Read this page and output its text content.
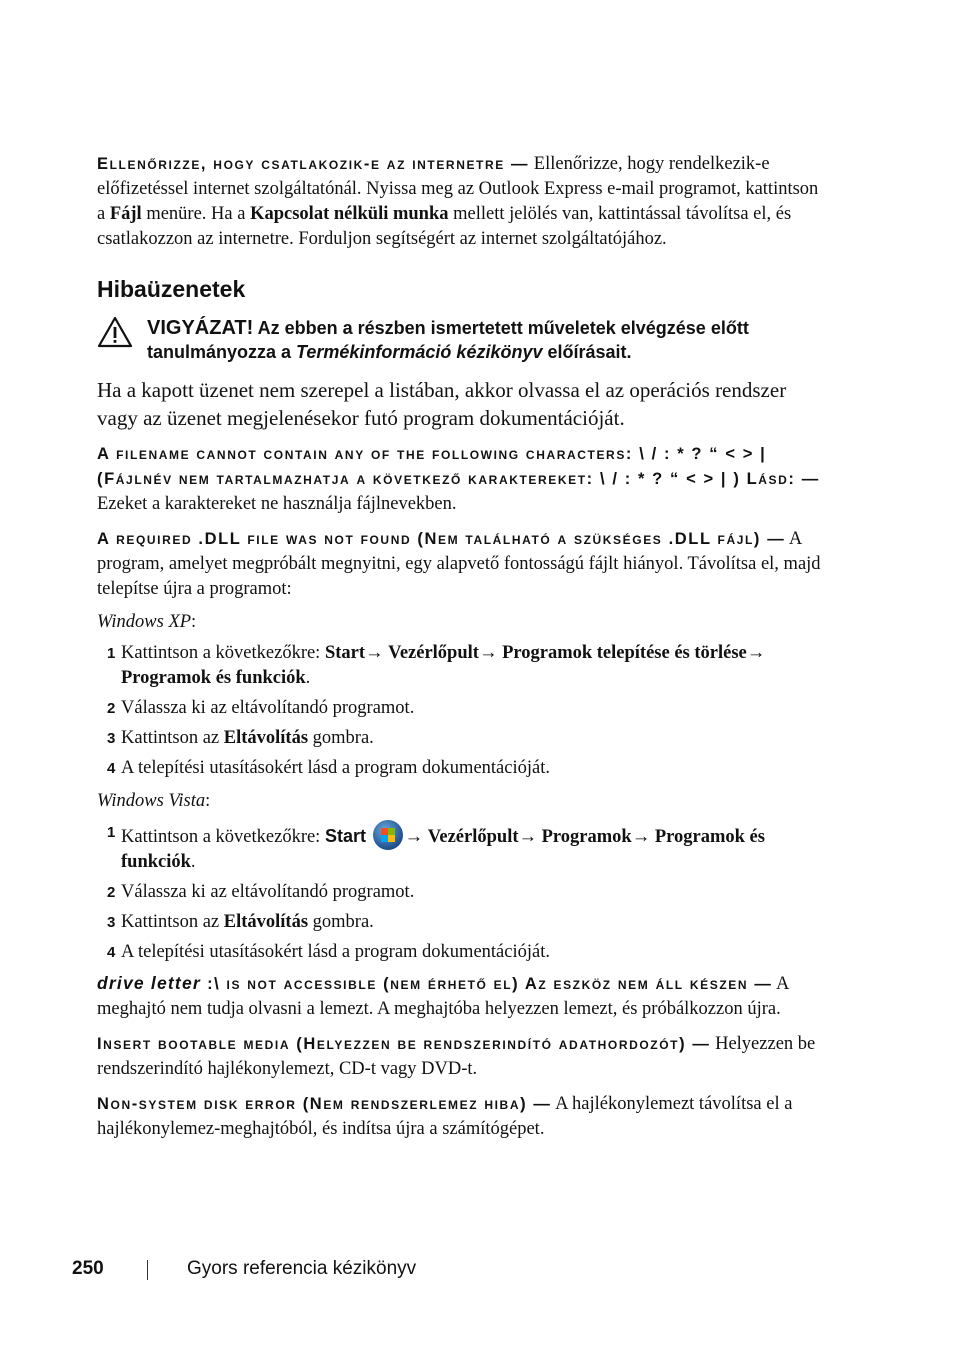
Ellenőrizze, hogy csatlakozik-e az internetre — Ellenőrizze, hogy rendelkezik-e előfizetéssel internet szolgáltatónál. Nyissa meg az Outlook Express e-mail programot, kattintson a Fájl menüre. Ha a Kapcsolat nélküli munka mellett jelölés van, kattintással távolítsa el, és csatlakozzon az internetre. Forduljon segítségért az internet szolgáltatójához.

Hibaüzenetek
VIGYÁZAT! Az ebben a részben ismertetett műveletek elvégzése előtt tanulmányozza a Termékinformáció kézikönyv előírásait.

Ha a kapott üzenet nem szerepel a listában, akkor olvassa el az operációs rendszer vagy az üzenet megjelenésekor futó program dokumentációját.

A filename cannot contain any of the following characters: \ / : * ? “ < > | (Fájlnév nem tartalmazhatja a következő karaktereket: \ / : * ? “ < > | ) Lásd: — Ezeket a karaktereket ne használja fájlnevekben.

A required .DLL file was not found (Nem található a szükséges .DLL fájl) — A program, amelyet megpróbált megnyitni, egy alapvető fontosságú fájlt hiányol. Távolítsa el, majd telepítse újra a programot:

Windows XP:
1 Kattintson a következőkre: Start→ Vezérlőpult→ Programok telepítése és törlése→ Programok és funkciók.
2 Válassza ki az eltávolítandó programot.
3 Kattintson az Eltávolítás gombra.
4 A telepítési utasításokért lásd a program dokumentációját.
Windows Vista:
1 Kattintson a következőkre: Start → Vezérlőpult→ Programok→ Programok és funkciók.
2 Válassza ki az eltávolítandó programot.
3 Kattintson az Eltávolítás gombra.
4 A telepítési utasításokért lásd a program dokumentációját.

drive letter :\ is not accessible (nem érhető el) Az eszköz nem áll készen — A meghajtó nem tudja olvasni a lemezt. A meghajtóba helyezzen lemezt, és próbálkozzon újra.

Insert bootable media (Helyezzen be rendszerindító adathordozót) — Helyezzen be rendszerindító hajlékonylemezt, CD-t vagy DVD-t.

Non-system disk error (Nem rendszerlemez hiba) — A hajlékonylemezt távolítsa el a hajlékonylemez-meghajtóból, és indítsa újra a számítógépet.

250	Gyors referencia kézikönyv
